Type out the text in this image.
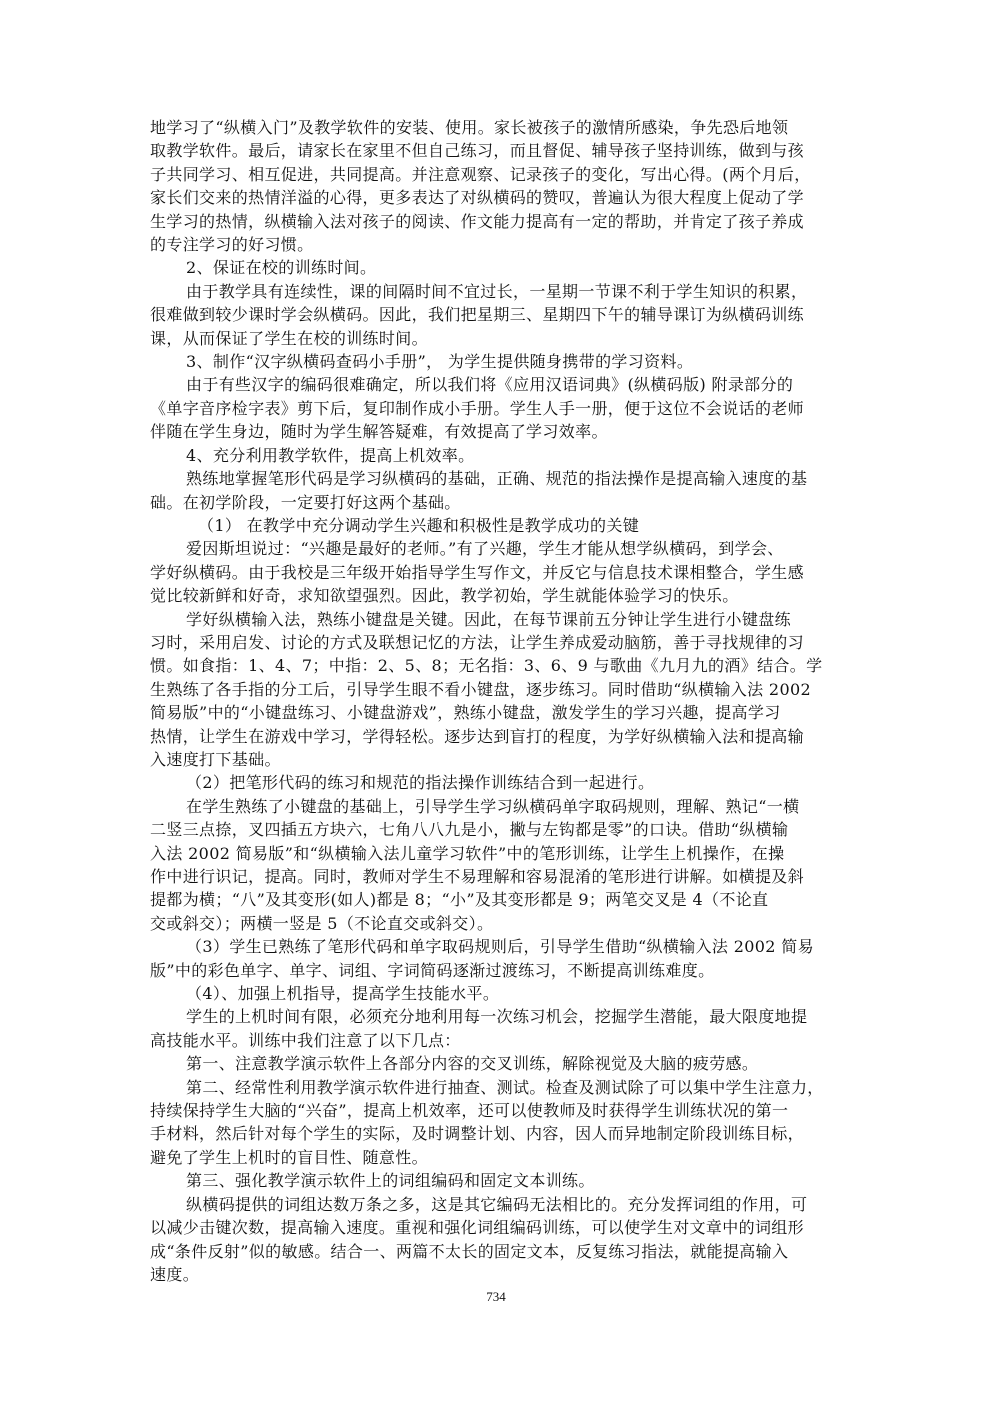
地学习了“纵横入门”及教学软件的安装、使用。家长被孩子的激情所感染，争先恐后地领
取教学软件。最后，请家长在家里不但自己练习，而且督促、辅导孩子坚持训练，做到与孩
子共同学习、相互促进，共同提高。并注意观察、记录孩子的变化，写出心得。(两个月后，
家长们交来的热情洋溢的心得，更多表达了对纵横码的赞叹，普遍认为很大程度上促动了学
生学习的热情，纵横输入法对孩子的阅读、作文能力提高有一定的帮助，并肯定了孩子养成
的专注学习的好习惯。
2、保证在校的训练时间。
由于教学具有连续性，课的间隔时间不宜过长，一星期一节课不利于学生知识的积累，
很难做到较少课时学会纵横码。因此，我们把星期三、星期四下午的辅导课订为纵横码训练
课，从而保证了学生在校的训练时间。
3、制作“汉字纵横码查码小手册”， 为学生提供随身携带的学习资料。
由于有些汉字的编码很难确定，所以我们将《应用汉语词典》(纵横码版) 附录部分的
《单字音序检字表》剪下后，复印制作成小手册。学生人手一册，便于这位不会说话的老师
伴随在学生身边，随时为学生解答疑难，有效提高了学习效率。
4、充分利用教学软件，提高上机效率。
熟练地掌握笔形代码是学习纵横码的基础，正确、规范的指法操作是提高输入速度的基
础。在初学阶段，一定要打好这两个基础。
（1） 在教学中充分调动学生兴趣和积极性是教学成功的关键
爱因斯坦说过：“兴趣是最好的老师。”有了兴趣，学生才能从想学纵横码，到学会、
学好纵横码。由于我校是三年级开始指导学生写作文，并反它与信息技术课相整合，学生感
觉比较新鲜和好奇，求知欲望强烈。因此，教学初始，学生就能体验学习的快乐。
学好纵横输入法，熟练小键盘是关键。因此，在每节课前五分钟让学生进行小键盘练
习时，采用启发、讨论的方式及联想记忆的方法，让学生养成爱动脑筋，善于寻找规律的习
惯。如食指：1、4、7；中指：2、5、8；无名指：3、6、9 与歌曲《九月九的酒》结合。学
生熟练了各手指的分工后，引导学生眼不看小键盘，逐步练习。同时借助“纵横输入法 2002
简易版”中的“小键盘练习、小键盘游戏”，熟练小键盘，激发学生的学习兴趣，提高学习
热情，让学生在游戏中学习，学得轻松。逐步达到盲打的程度，为学好纵横输入法和提高输
入速度打下基础。
（2）把笔形代码的练习和规范的指法操作训练结合到一起进行。
在学生熟练了小键盘的基础上，引导学生学习纵横码单字取码规则，理解、熟记“一横
二竖三点捺，叉四插五方块六，七角八八九是小，撇与左钩都是零”的口诀。借助“纵横输
入法 2002 简易版”和“纵横输入法儿童学习软件”中的笔形训练，让学生上机操作，在操
作中进行识记，提高。同时，教师对学生不易理解和容易混淆的笔形进行讲解。如横提及斜
提都为横；“八”及其变形(如人)都是 8；“小”及其变形都是 9；两笔交叉是 4（不论直
交或斜交）；两横一竖是 5（不论直交或斜交）。
（3）学生已熟练了笔形代码和单字取码规则后，引导学生借助“纵横输入法 2002 简易
版”中的彩色单字、单字、词组、字词简码逐渐过渡练习，不断提高训练难度。
（4）、加强上机指导，提高学生技能水平。
学生的上机时间有限，必须充分地利用每一次练习机会，挖掘学生潜能，最大限度地提
高技能水平。训练中我们注意了以下几点：
第一、注意教学演示软件上各部分内容的交叉训练，解除视觉及大脑的疲劳感。
第二、经常性利用教学演示软件进行抽查、测试。检查及测试除了可以集中学生注意力，
持续保持学生大脑的“兴奋”，提高上机效率，还可以使教师及时获得学生训练状况的第一
手材料，然后针对每个学生的实际，及时调整计划、内容，因人而异地制定阶段训练目标，
避免了学生上机时的盲目性、随意性。
第三、强化教学演示软件上的词组编码和固定文本训练。
纵横码提供的词组达数万条之多，这是其它编码无法相比的。充分发挥词组的作用，可
以减少击键次数，提高输入速度。重视和强化词组编码训练，可以使学生对文章中的词组形
成“条件反射”似的敏感。结合一、两篇不太长的固定文本，反复练习指法，就能提高输入
速度。
734
